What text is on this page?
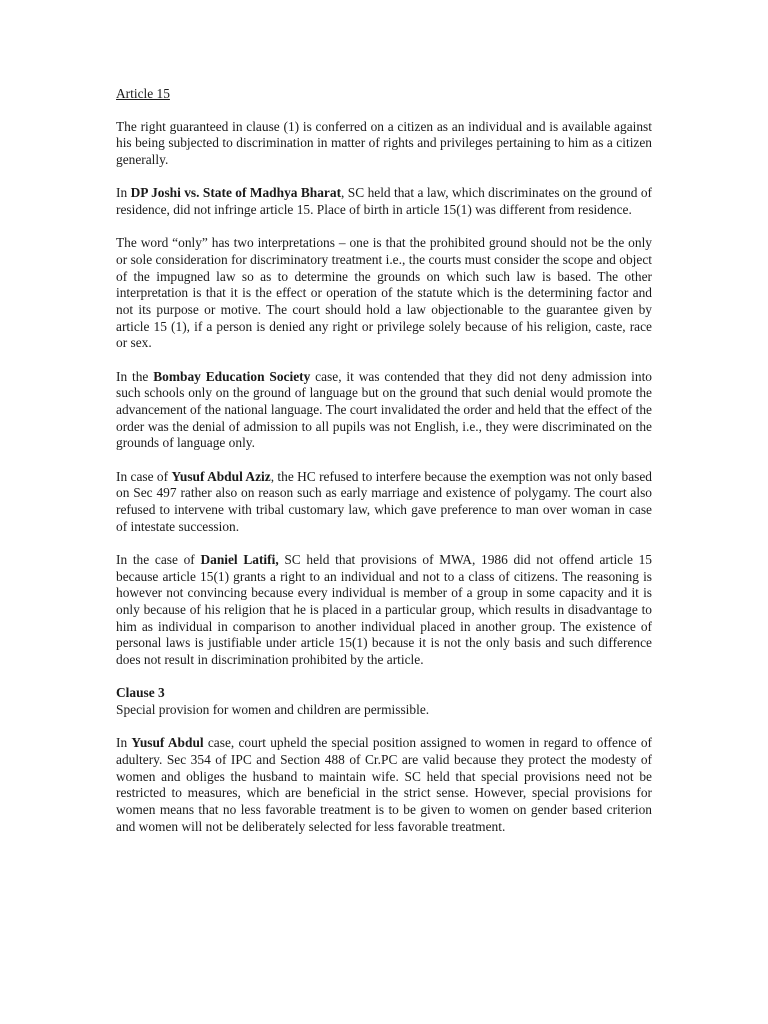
Article 15

The right guaranteed in clause (1) is conferred on a citizen as an individual and is available against his being subjected to discrimination in matter of rights and privileges pertaining to him as a citizen generally.

In DP Joshi vs. State of Madhya Bharat, SC held that a law, which discriminates on the ground of residence, did not infringe article 15. Place of birth in article 15(1) was different from residence.

The word “only” has two interpretations – one is that the prohibited ground should not be the only or sole consideration for discriminatory treatment i.e., the courts must consider the scope and object of the impugned law so as to determine the grounds on which such law is based. The other interpretation is that it is the effect or operation of the statute which is the determining factor and not its purpose or motive. The court should hold a law objectionable to the guarantee given by article 15 (1), if a person is denied any right or privilege solely because of his religion, caste, race or sex.

In the Bombay Education Society case, it was contended that they did not deny admission into such schools only on the ground of language but on the ground that such denial would promote the advancement of the national language. The court invalidated the order and held that the effect of the order was the denial of admission to all pupils was not English, i.e., they were discriminated on the grounds of language only.

In case of Yusuf Abdul Aziz, the HC refused to interfere because the exemption was not only based on Sec 497 rather also on reason such as early marriage and existence of polygamy. The court also refused to intervene with tribal customary law, which gave preference to man over woman in case of intestate succession.

In the case of Daniel Latifi, SC held that provisions of MWA, 1986 did not offend article 15 because article 15(1) grants a right to an individual and not to a class of citizens. The reasoning is however not convincing because every individual is member of a group in some capacity and it is only because of his religion that he is placed in a particular group, which results in disadvantage to him as individual in comparison to another individual placed in another group. The existence of personal laws is justifiable under article 15(1) because it is not the only basis and such difference does not result in discrimination prohibited by the article.

Clause 3
Special provision for women and children are permissible.

In Yusuf Abdul case, court upheld the special position assigned to women in regard to offence of adultery. Sec 354 of IPC and Section 488 of Cr.PC are valid because they protect the modesty of women and obliges the husband to maintain wife. SC held that special provisions need not be restricted to measures, which are beneficial in the strict sense. However, special provisions for women means that no less favorable treatment is to be given to women on gender based criterion and women will not be deliberately selected for less favorable treatment.
